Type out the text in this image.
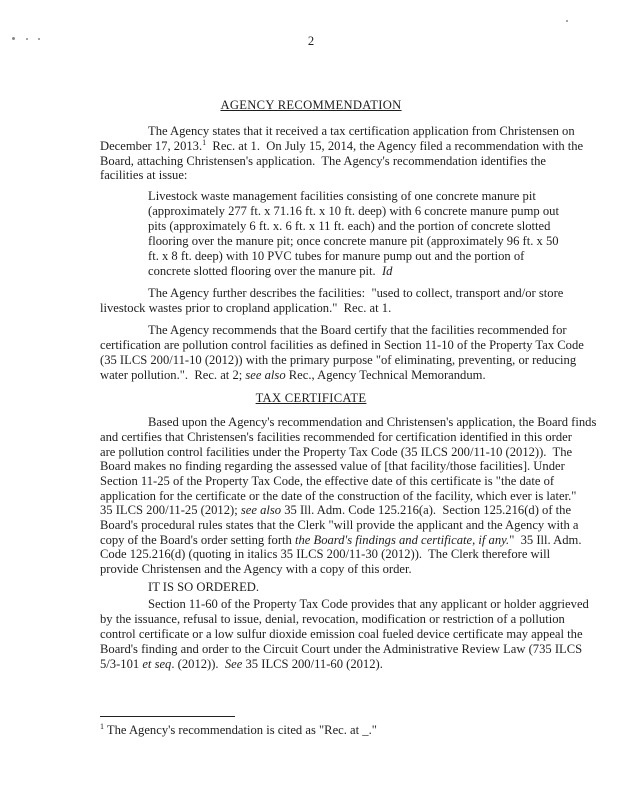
2
AGENCY RECOMMENDATION
TAX CERTIFICATE
The Agency states that it received a tax certification application from Christensen on
December 17, 2013.$^1$  Rec. at 1.  On July 15, 2014, the Agency filed a recommendation with the
Board, attaching Christensen's application.  The Agency's recommendation identifies the
facilities at issue:
Livestock waste management facilities consisting of one concrete manure pit
(approximately 277 ft. x 71.16 ft. x 10 ft. deep) with 6 concrete manure pump out
pits (approximately 6 ft. x. 6 ft. x 11 ft. each) and the portion of concrete slotted
flooring over the manure pit; once concrete manure pit (approximately 96 ft. x 50
ft. x 8 ft. deep) with 10 PVC tubes for manure pump out and the portion of
concrete slotted flooring over the manure pit.  Id
The Agency further describes the facilities:  "used to collect, transport and/or store
livestock wastes prior to cropland application."  Rec. at 1.
The Agency recommends that the Board certify that the facilities recommended for
certification are pollution control facilities as defined in Section 11-10 of the Property Tax Code
(35 ILCS 200/11-10 (2012)) with the primary purpose "of eliminating, preventing, or reducing
water pollution.".  Rec. at 2; see also Rec., Agency Technical Memorandum.
Based upon the Agency's recommendation and Christensen's application, the Board finds
and certifies that Christensen's facilities recommended for certification identified in this order
are pollution control facilities under the Property Tax Code (35 ILCS 200/11-10 (2012)).  The
Board makes no finding regarding the assessed value of [that facility/those facilities]. Under
Section 11-25 of the Property Tax Code, the effective date of this certificate is "the date of
application for the certificate or the date of the construction of the facility, which ever is later."
35 ILCS 200/11-25 (2012); see also 35 Ill. Adm. Code 125.216(a).  Section 125.216(d) of the
Board's procedural rules states that the Clerk "will provide the applicant and the Agency with a
copy of the Board's order setting forth the Board's findings and certificate, if any."  35 Ill. Adm.
Code 125.216(d) (quoting in italics 35 ILCS 200/11-30 (2012)).  The Clerk therefore will
provide Christensen and the Agency with a copy of this order.
IT IS SO ORDERED.
Section 11-60 of the Property Tax Code provides that any applicant or holder aggrieved
by the issuance, refusal to issue, denial, revocation, modification or restriction of a pollution
control certificate or a low sulfur dioxide emission coal fueled device certificate may appeal the
Board's finding and order to the Circuit Court under the Administrative Review Law (735 ILCS
5/3-101 et seq. (2012)).  See 35 ILCS 200/11-60 (2012).
$^1$ The Agency's recommendation is cited as "Rec. at _."
